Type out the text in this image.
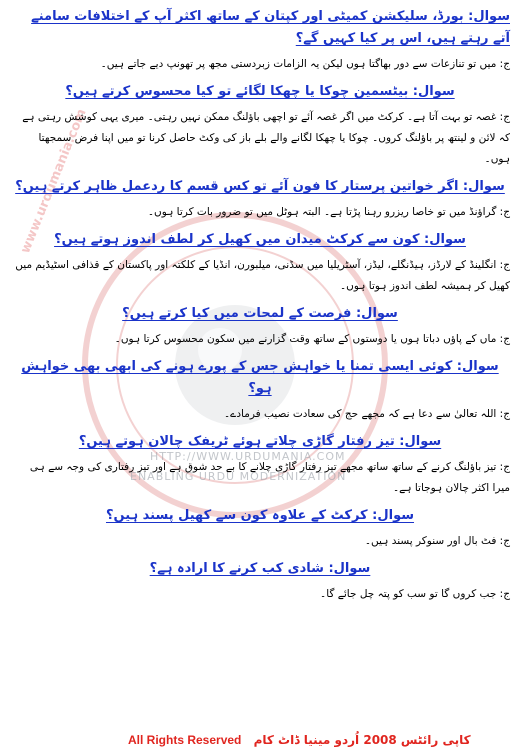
www.urdumania.com
HTTP://WWW.URDUMANIA.COM
ENABLING URDU MODERNIZATION
سوال: بورڈ، سلیکشن کمیٹی اور کپتان کے ساتھ اکثر آپ کے اختلافات سامنے آتے رہتے ہیں، اس پر کیا کہیں گے؟
ج: میں تو تنازعات سے دور بھاگتا ہوں لیکن یہ الزامات زبردستی مجھ پر تھونپ دیے جاتے ہیں۔
سوال: بیٹسمین چوکا یا چھکا لگائے تو کیا محسوس کرتے ہیں؟
ج: غصہ تو بہت آتا ہے۔ کرکٹ میں اگر غصہ آئے تو اچھی باؤلنگ ممکن نہیں رہتی۔ میری یہی کوشش رہتی ہے کہ لائن و لینتھ پر باؤلنگ کروں۔ چوکا یا چھکا لگانے والے بلے باز کی وکٹ حاصل کرنا تو میں اپنا فرض سمجھتا ہوں۔
سوال: اگر خواتین پرستار کا فون آئے تو کس قسم کا ردعمل ظاہر کرتے ہیں؟
ج: گراؤنڈ میں تو خاصا ریزرو رہنا پڑتا ہے۔ البتہ ہوٹل میں تو ضرور بات کرتا ہوں۔
سوال: کون سے کرکٹ میدان میں کھیل کر لطف اندوز ہوتے ہیں؟
ج: انگلینڈ کے لارڈز، ہیڈنگلے، لیڈز، آسٹریلیا میں سڈنی، میلبورن، انڈیا کے کلکتہ اور پاکستان کے قذافی اسٹیڈیم میں کھیل کر ہمیشہ لطف اندوز ہوتا ہوں۔
سوال: فرصت کے لمحات میں کیا کرتے ہیں؟
ج: ماں کے پاؤں دباتا ہوں یا دوستوں کے ساتھ وقت گزارنے میں سکون محسوس کرتا ہوں۔
سوال: کوئی ایسی تمنا یا خواہش جس کے پورے ہونے کی ابھی بھی خواہش ہو؟
ج: اللہ تعالیٰ سے دعا ہے کہ مجھے حج کی سعادت نصیب فرمادے۔
سوال: تیز رفتار گاڑی چلاتے ہوئے ٹریفک چالان ہوتے ہیں؟
ج: تیز باؤلنگ کرنے کے ساتھ ساتھ مجھے تیز رفتار گاڑی چلانے کا بے حد شوق ہے اور تیز رفتاری کی وجہ سے ہی میرا اکثر چالان ہوجاتا ہے۔
سوال: کرکٹ کے علاوہ کون سے کھیل پسند ہیں؟
ج: فٹ بال اور سنوکر پسند ہیں۔
سوال: شادی کب کرنے کا ارادہ ہے؟
ج: جب کروں گا تو سب کو پتہ چل جائے گا۔
All Rights Reserved کاپی رائٹس 2008 اُردو مینیا ڈاٹ کام
